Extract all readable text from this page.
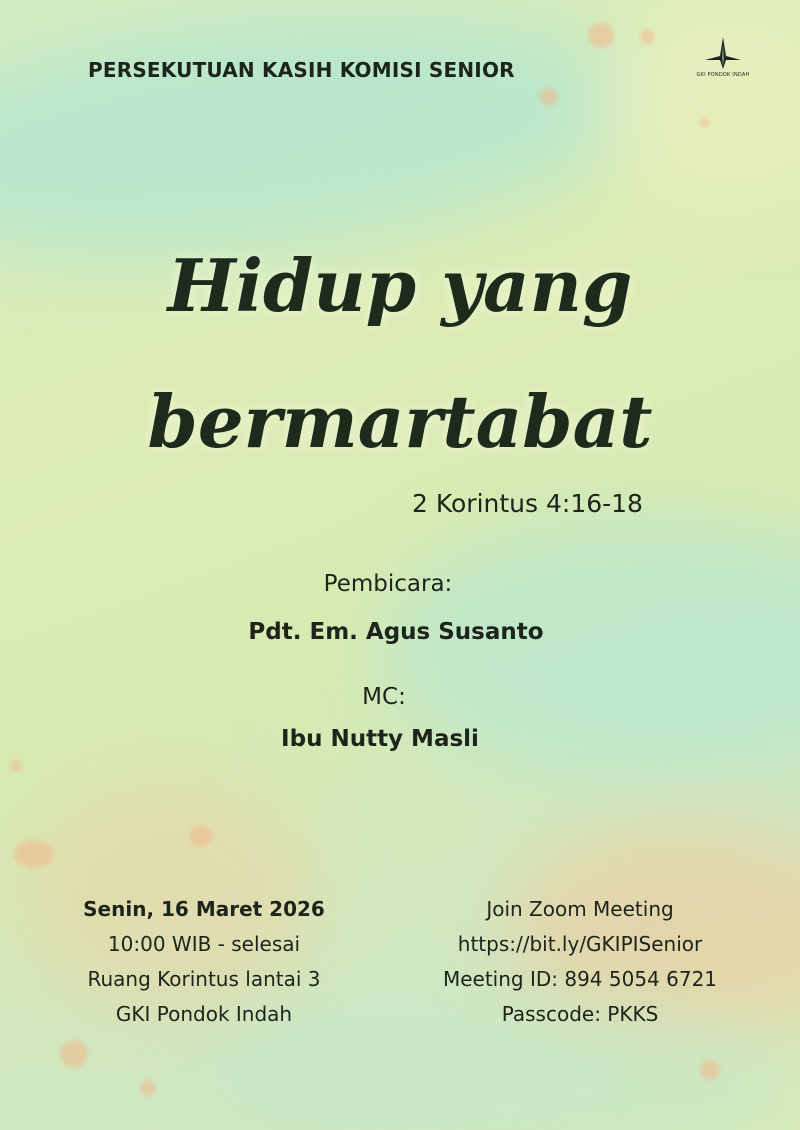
PERSEKUTUAN KASIH KOMISI SENIOR	GKI PONDOK INDAH
Hidup yang
bermartabat
2 Korintus 4:16-18
Pembicara:
Pdt. Em. Agus Susanto
MC:
Ibu Nutty Masli
Senin, 16 Maret 2026
10:00 WIB - selesai
Ruang Korintus lantai 3
GKI Pondok Indah
Join Zoom Meeting
https://bit.ly/GKIPISenior
Meeting ID: 894 5054 6721
Passcode: PKKS
